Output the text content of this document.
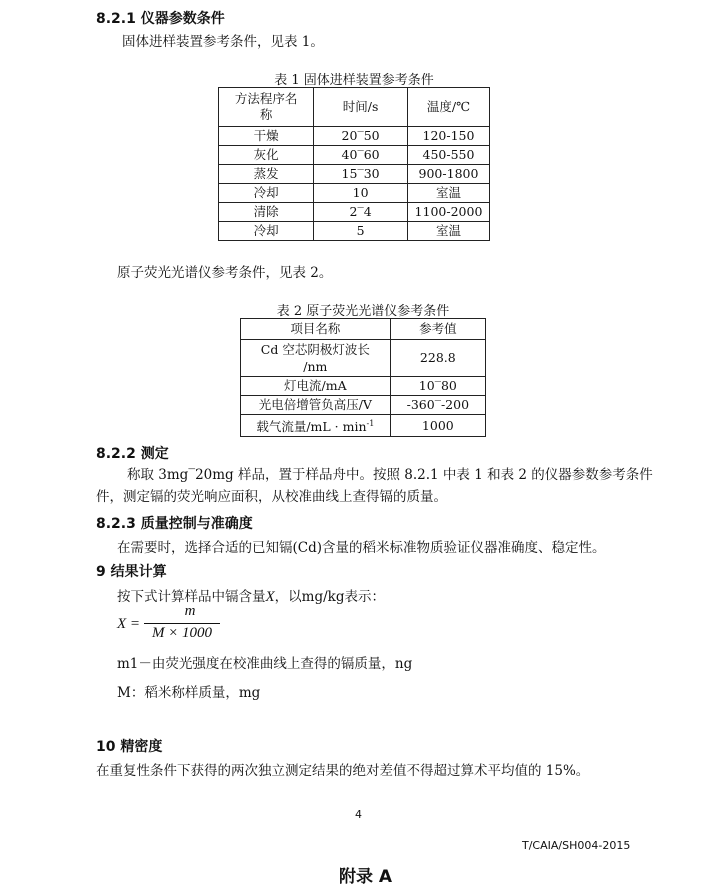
8.2.1 仪器参数条件
固体进样装置参考条件，见表 1。
表 1 固体进样装置参考条件
方法程序名
称	时间/s	温度/℃
干燥	20‾50	120-150
灰化	40‾60	450-550
蒸发	15‾30	900-1800
冷却	10	室温
清除	2‾4	1100-2000
冷却	5	室温
原子荧光光谱仪参考条件，见表 2。
表 2 原子荧光光谱仪参考条件
项目名称	参考值

Cd 空芯阴极灯波长
/nm	228.8
灯电流/mA	10‾80
光电倍增管负高压/V	-360‾-200
载气流量$/mL \cdot \min^{-1}$	1000
8.2.2 测定
称取 3mg‾20mg 样品，置于样品舟中。按照 8.2.1 中表 1 和表 2 的仪器参数参考条件
件，测定镉的荧光响应面积，从校准曲线上查得镉的质量。
8.2.3 质量控制与准确度
在需要时，选择合适的已知镉(Cd)含量的稻米标准物质验证仪器准确度、稳定性。
9 结果计算
按下式计算样品中镉含量X，以mg/kg表示：
X =
m
M × 1000
m1－由荧光强度在校准曲线上查得的镉质量，ng
M：稻米称样质量，mg
10 精密度
在重复性条件下获得的两次独立测定结果的绝对差值不得超过算术平均值的 15%。
4
T/CAIA/SH004-2015
附录 A
